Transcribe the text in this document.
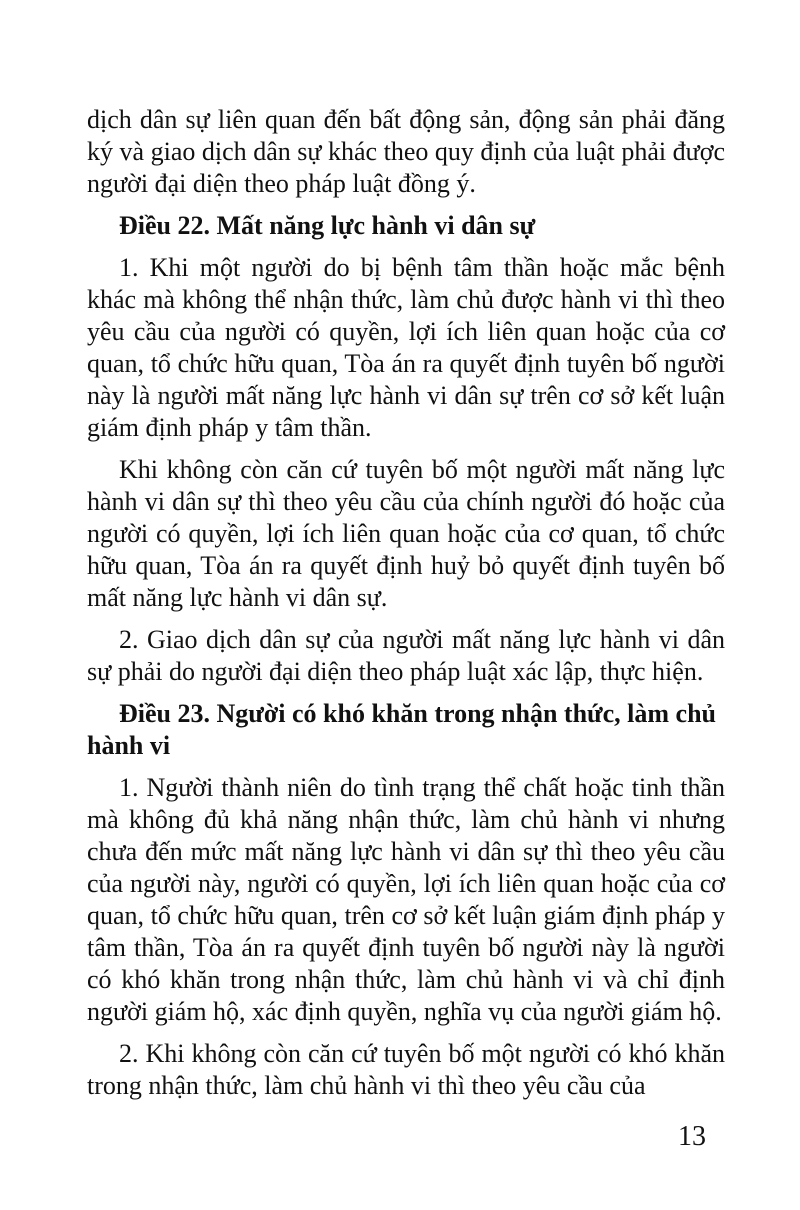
dịch dân sự liên quan đến bất động sản, động sản phải đăng ký và giao dịch dân sự khác theo quy định của luật phải được người đại diện theo pháp luật đồng ý.

Điều 22. Mất năng lực hành vi dân sự

1. Khi một người do bị bệnh tâm thần hoặc mắc bệnh khác mà không thể nhận thức, làm chủ được hành vi thì theo yêu cầu của người có quyền, lợi ích liên quan hoặc của cơ quan, tổ chức hữu quan, Tòa án ra quyết định tuyên bố người này là người mất năng lực hành vi dân sự trên cơ sở kết luận giám định pháp y tâm thần.

Khi không còn căn cứ tuyên bố một người mất năng lực hành vi dân sự thì theo yêu cầu của chính người đó hoặc của người có quyền, lợi ích liên quan hoặc của cơ quan, tổ chức hữu quan, Tòa án ra quyết định huỷ bỏ quyết định tuyên bố mất năng lực hành vi dân sự.

2. Giao dịch dân sự của người mất năng lực hành vi dân sự phải do người đại diện theo pháp luật xác lập, thực hiện.

Điều 23. Người có khó khăn trong nhận thức, làm chủ hành vi

1. Người thành niên do tình trạng thể chất hoặc tinh thần mà không đủ khả năng nhận thức, làm chủ hành vi nhưng chưa đến mức mất năng lực hành vi dân sự thì theo yêu cầu của người này, người có quyền, lợi ích liên quan hoặc của cơ quan, tổ chức hữu quan, trên cơ sở kết luận giám định pháp y tâm thần, Tòa án ra quyết định tuyên bố người này là người có khó khăn trong nhận thức, làm chủ hành vi và chỉ định người giám hộ, xác định quyền, nghĩa vụ của người giám hộ.

2. Khi không còn căn cứ tuyên bố một người có khó khăn trong nhận thức, làm chủ hành vi thì theo yêu cầu của

13
